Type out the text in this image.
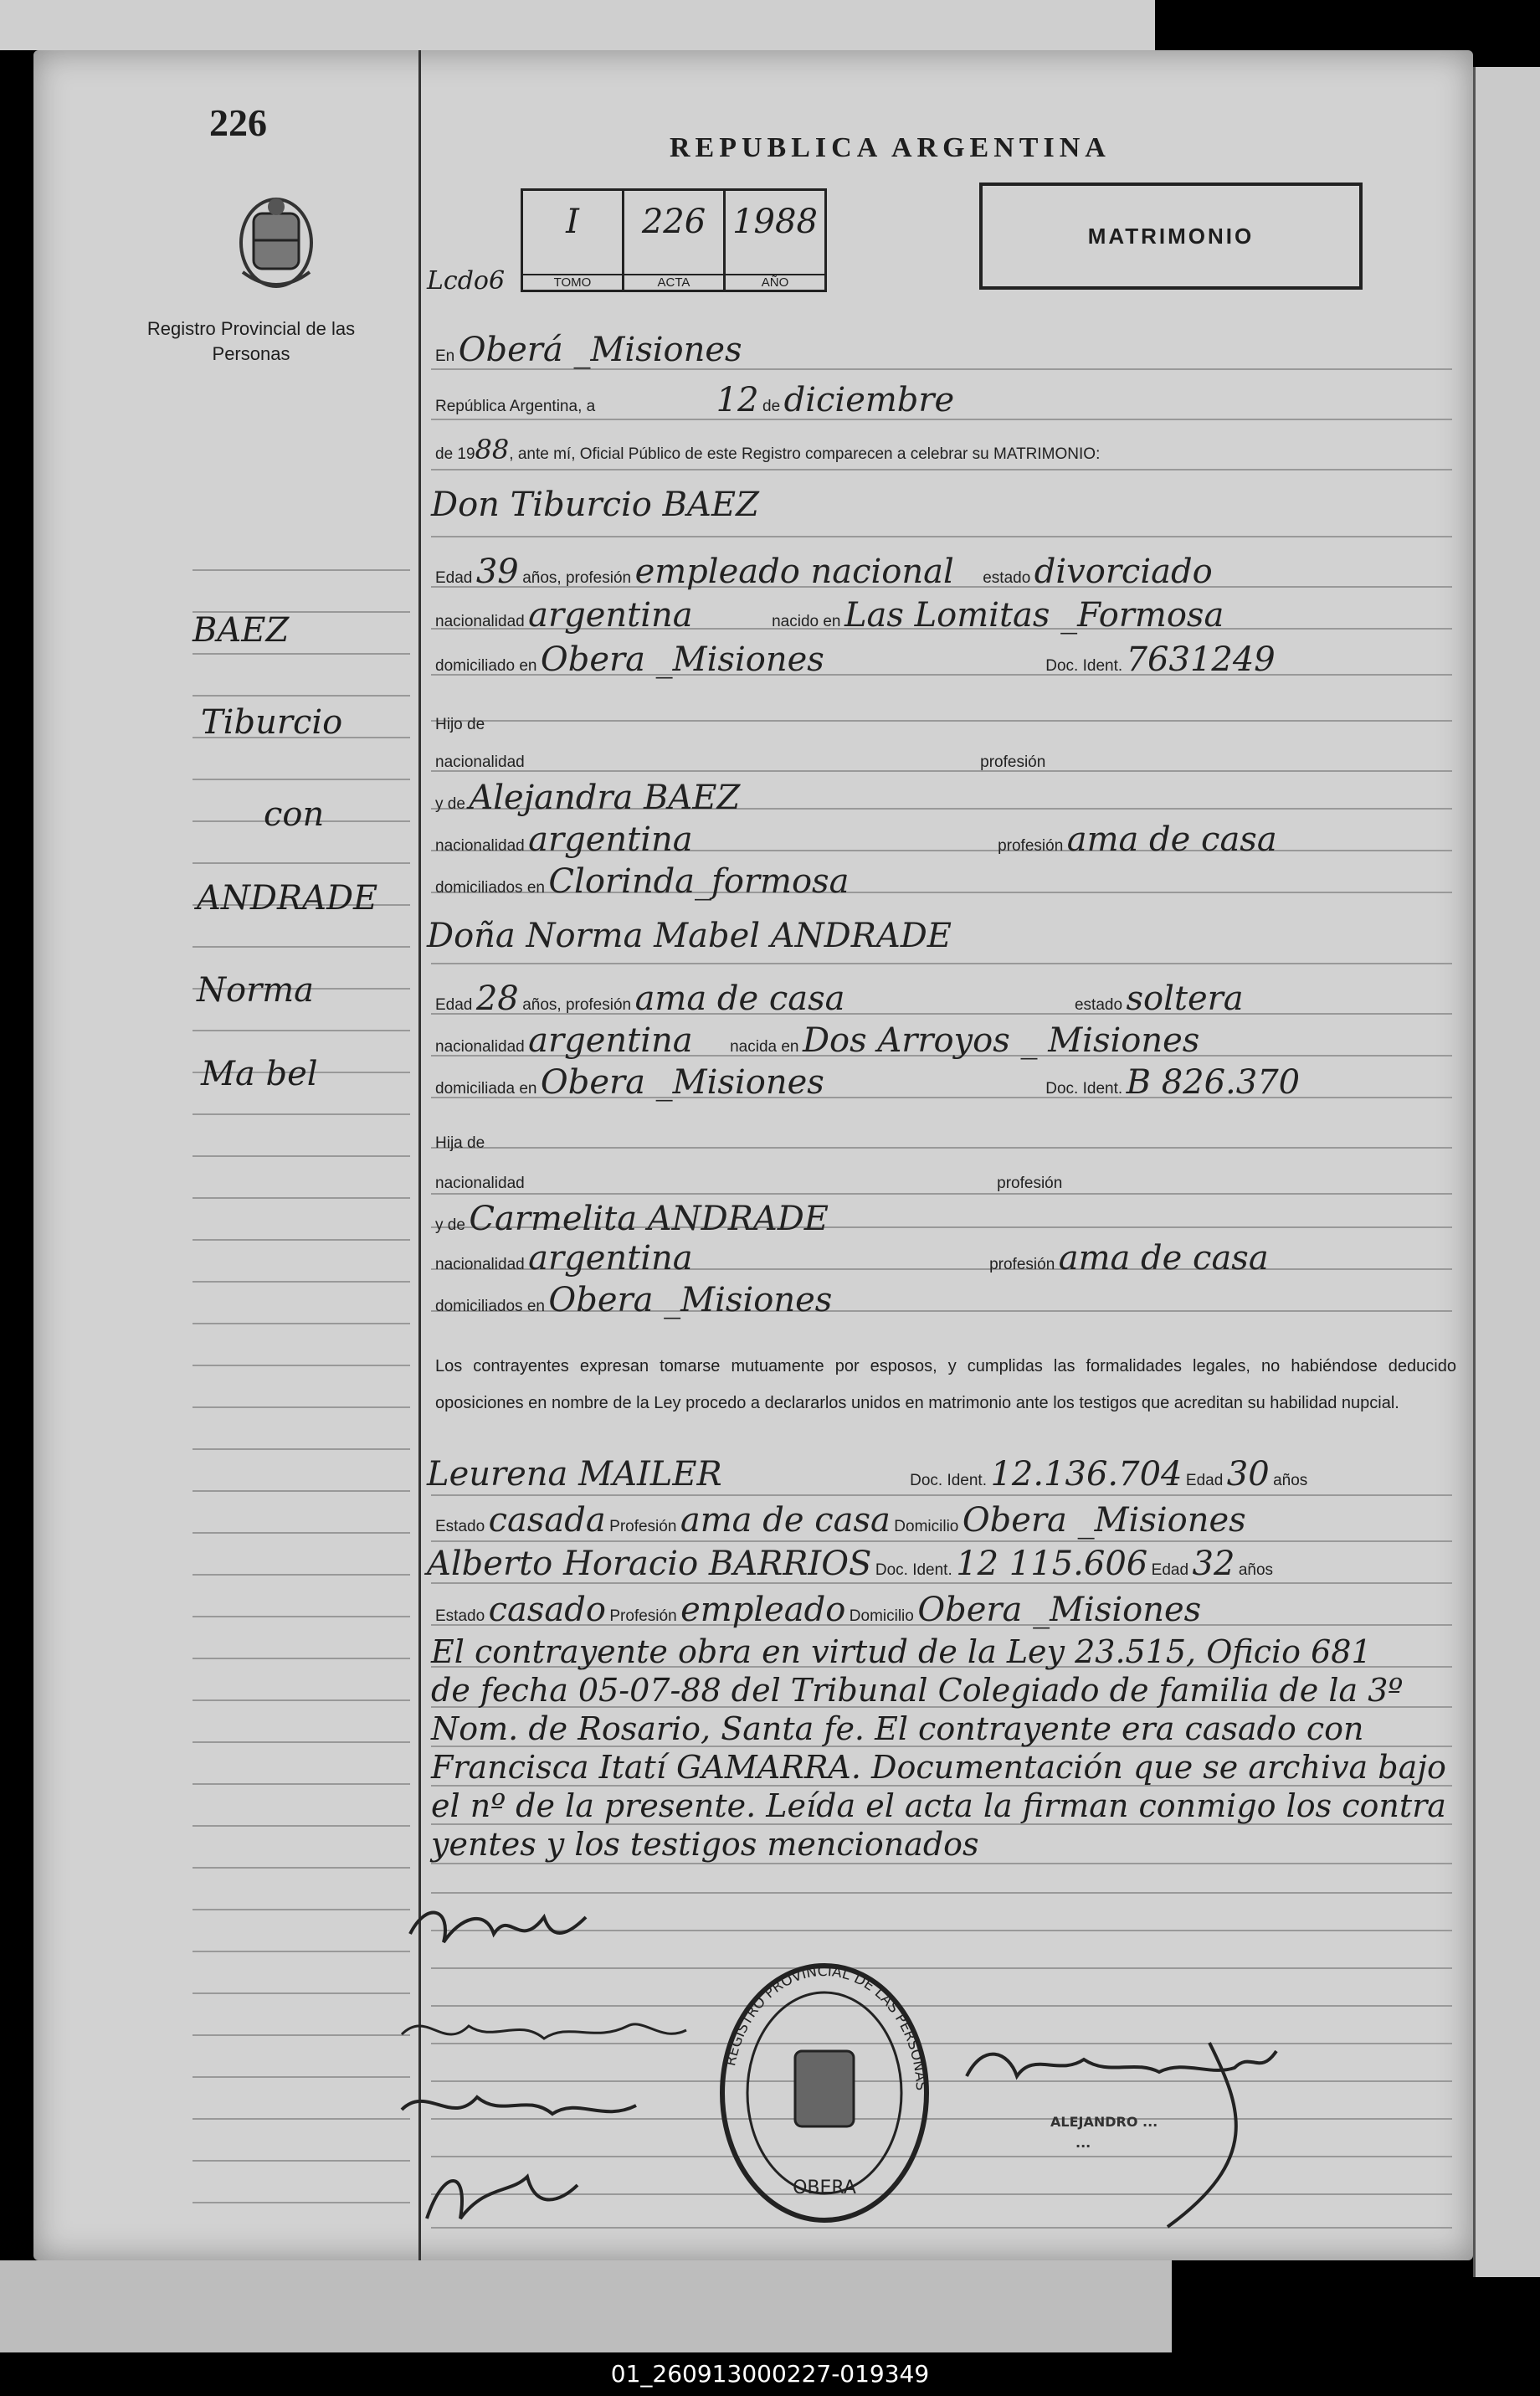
226
Registro Provincial de las Personas
BAEZ
Tiburcio
con
ANDRADE
Norma
Ma bel
REPUBLICA ARGENTINA
Lcdo6
I
TOMO
226
ACTA
1988
AÑO
MATRIMONIO
En Oberá _Misiones
República Argentina, a	12 de diciembre
de 1988, ante mí, Oficial Público de este Registro comparecen a celebrar su MATRIMONIO:
Don Tiburcio BAEZ
Edad 39 años, profesión empleado nacional estado divorciado
nacionalidad argentina	nacido en Las Lomitas _Formosa
domiciliado en Obera _Misiones	Doc. Ident. 7631249
Hijo de
nacionalidad	profesión
y de Alejandra BAEZ
nacionalidad argentina	profesión ama de casa
domiciliados en Clorinda_formosa
Doña Norma Mabel ANDRADE
Edad 28 años, profesión ama de casa	estado soltera
nacionalidad argentina nacida en Dos Arroyos _ Misiones
domiciliada en Obera _Misiones	Doc. Ident. B 826.370
Hija de
nacionalidad	profesión
y de Carmelita ANDRADE
nacionalidad argentina	profesión ama de casa
domiciliados en Obera _Misiones
Los contrayentes expresan tomarse mutuamente por esposos, y cumplidas las formalidades legales, no habiéndose deducido oposiciones en nombre de la Ley procedo a declararlos unidos en matrimonio ante los testigos que acreditan su habilidad nupcial.
Leurena MAILER	Doc. Ident. 12.136.704 Edad 30 años
Estado casada Profesión ama de casa Domicilio Obera _Misiones
Alberto Horacio BARRIOS Doc. Ident. 12 115.606 Edad 32 años
Estado casado Profesión empleado Domicilio Obera _Misiones
El contrayente obra en virtud de la Ley 23.515, Oficio 681
de fecha 05-07-88 del Tribunal Colegiado de familia de la 3º
Nom. de Rosario, Santa fe. El contrayente era casado con
Francisca Itatí GAMARRA. Documentación que se archiva bajo
el nº de la presente. Leída el acta la firman conmigo los contra
yentes y los testigos mencionados
REGISTRO PROVINCIAL DE LAS PERSONAS
OBERA
ALEJANDRO ...
...
01_260913000227-019349
